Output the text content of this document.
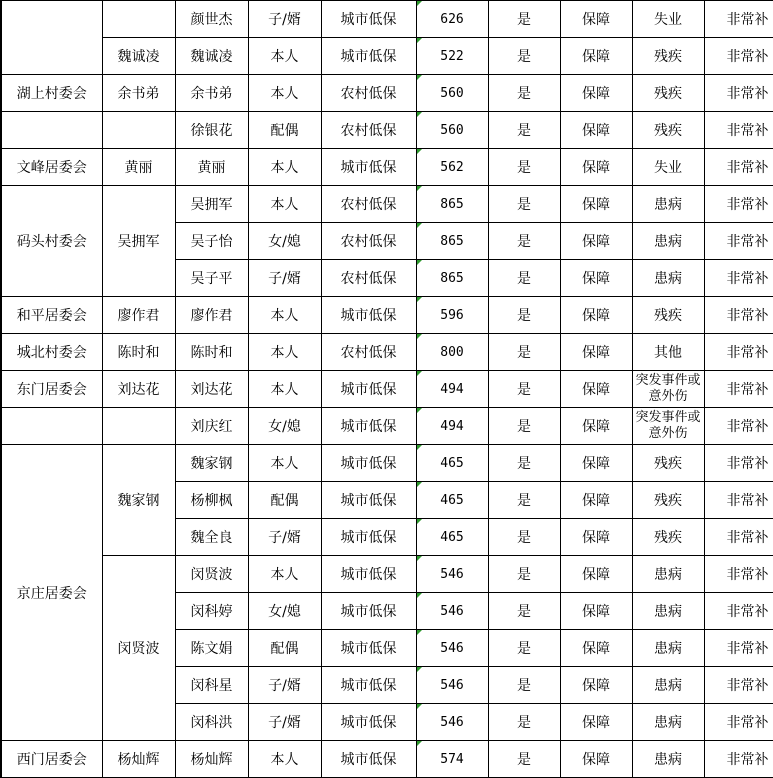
		颜世杰	子/婿	城市低保	626	是	保障	失业	非常补
	魏诚凌	魏诚凌	本人	城市低保	522	是	保障	残疾	非常补
湖上村委会	余书弟	余书弟	本人	农村低保	560	是	保障	残疾	非常补
		徐银花	配偶	农村低保	560	是	保障	残疾	非常补
文峰居委会	黄丽	黄丽	本人	城市低保	562	是	保障	失业	非常补
码头村委会	吴拥军	吴拥军	本人	农村低保	865	是	保障	患病	非常补
		吴子怡	女/媳	农村低保	865	是	保障	患病	非常补
		吴子平	子/婿	农村低保	865	是	保障	患病	非常补
和平居委会	廖作君	廖作君	本人	城市低保	596	是	保障	残疾	非常补
城北村委会	陈时和	陈时和	本人	农村低保	800	是	保障	其他	非常补
东门居委会	刘达花	刘达花	本人	城市低保	494	是	保障	突发事件或意外伤	非常补
		刘庆红	女/媳	城市低保	494	是	保障	突发事件或意外伤	非常补
京庄居委会	魏家钢	魏家钢	本人	城市低保	465	是	保障	残疾	非常补
		杨柳枫	配偶	城市低保	465	是	保障	残疾	非常补
		魏全良	子/婿	城市低保	465	是	保障	残疾	非常补
	闵贤波	闵贤波	本人	城市低保	546	是	保障	患病	非常补
		闵科婷	女/媳	城市低保	546	是	保障	患病	非常补
		陈文娟	配偶	城市低保	546	是	保障	患病	非常补
		闵科星	子/婿	城市低保	546	是	保障	患病	非常补
		闵科洪	子/婿	城市低保	546	是	保障	患病	非常补
西门居委会	杨灿辉	杨灿辉	本人	城市低保	574	是	保障	患病	非常补
